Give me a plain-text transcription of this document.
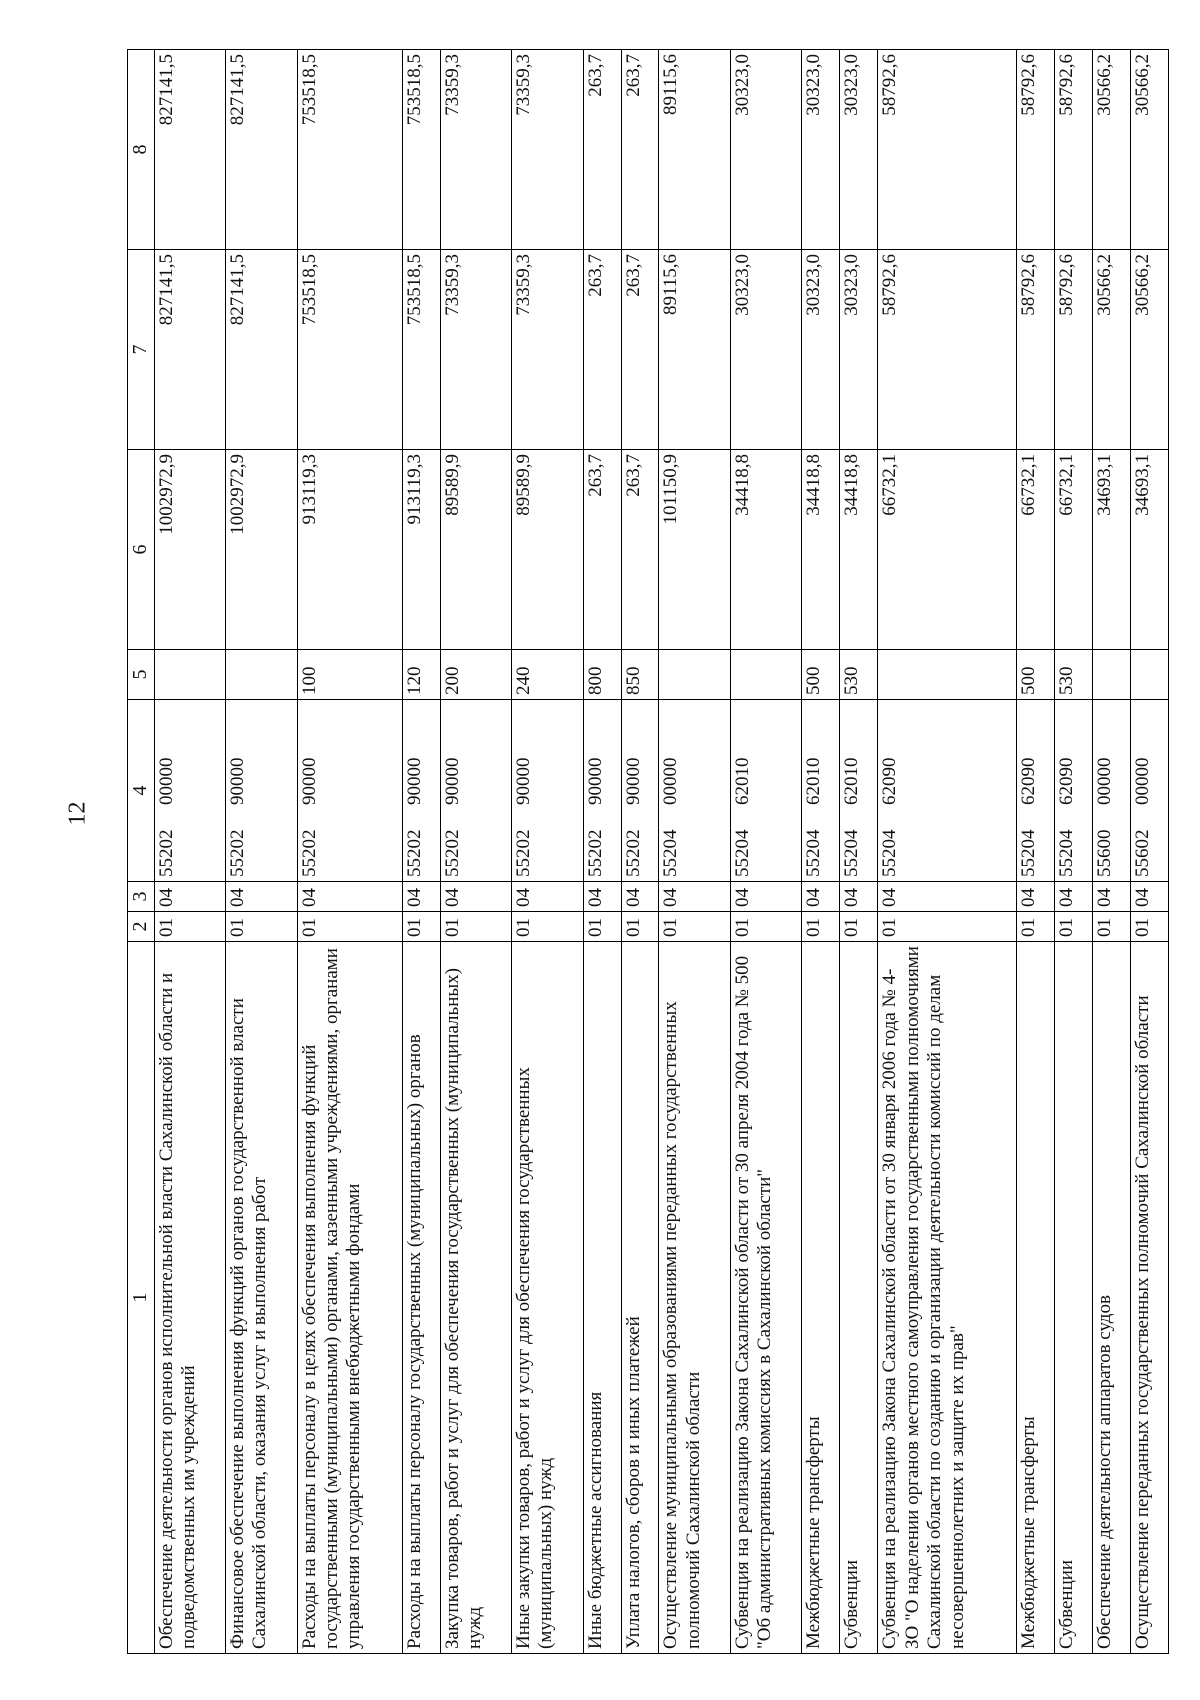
12
1	2	3	4	5	6	7	8
Обеспечение деятельности органов исполнительной власти Сахалинской области и подведомственных им учреждений	01	04	5520200000		1002972,9	827141,5	827141,5
Финансовое обеспечение выполнения функций органов государственной власти Сахалинской области, оказания услуг и выполнения работ	01	04	5520290000		1002972,9	827141,5	827141,5
Расходы на выплаты персоналу в целях обеспечения выполнения функций государственными (муниципальными) органами, казенными учреждениями, органами управления государственными внебюджетными фондами	01	04	5520290000	100	913119,3	753518,5	753518,5
Расходы на выплаты персоналу государственных (муниципальных) органов	01	04	5520290000	120	913119,3	753518,5	753518,5
Закупка товаров, работ и услуг для обеспечения государственных (муниципальных) нужд	01	04	5520290000	200	89589,9	73359,3	73359,3
Иные закупки товаров, работ и услуг для обеспечения государственных (муниципальных) нужд	01	04	5520290000	240	89589,9	73359,3	73359,3
Иные бюджетные ассигнования	01	04	5520290000	800	263,7	263,7	263,7
Уплата налогов, сборов и иных платежей	01	04	5520290000	850	263,7	263,7	263,7
Осуществление муниципальными образованиями переданных государственных полномочий Сахалинской области	01	04	5520400000		101150,9	89115,6	89115,6
Субвенция на реализацию Закона Сахалинской области от 30 апреля 2004 года № 500 "Об административных комиссиях в Сахалинской области"	01	04	5520462010		34418,8	30323,0	30323,0
Межбюджетные трансферты	01	04	5520462010	500	34418,8	30323,0	30323,0
Субвенции	01	04	5520462010	530	34418,8	30323,0	30323,0
Субвенция на реализацию Закона Сахалинской области от 30 января 2006 года № 4-ЗО "О наделении органов местного самоуправления государственными полномочиями Сахалинской области по созданию и организации деятельности комиссий по делам несовершеннолетних и защите их прав"	01	04	5520462090		66732,1	58792,6	58792,6
Межбюджетные трансферты	01	04	5520462090	500	66732,1	58792,6	58792,6
Субвенции	01	04	5520462090	530	66732,1	58792,6	58792,6
Обеспечение деятельности аппаратов судов	01	04	5560000000		34693,1	30566,2	30566,2
Осуществление переданных государственных полномочий Сахалинской области	01	04	5560200000		34693,1	30566,2	30566,2
